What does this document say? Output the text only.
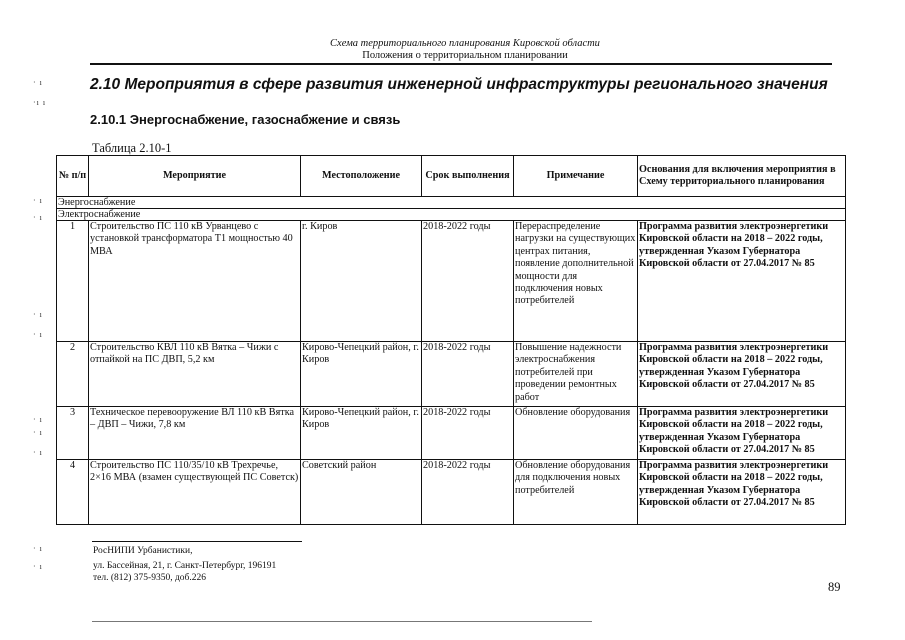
Схема территориального планирования Кировской области
Положения о территориальном планировании
2.10 Мероприятия в сфере развития инженерной инфраструктуры регионального значения
2.10.1 Энергоснабжение, газоснабжение и связь
Таблица 2.10-1
№ п/п	Мероприятие	Местоположение	Срок выполнения	Примечание	Основания для включения мероприятия в Схему территориального планирования
Энергоснабжение					
Электроснабжение					
1	Строительство ПС 110 кВ Урванцево с установкой трансформатора Т1 мощностью 40 МВА	г. Киров	2018-2022 годы	Перераспределение нагрузки на существующих центрах питания, появление дополнительной мощности для подключения новых потребителей	Программа развития электроэнергетики Кировской области на 2018 – 2022 годы, утвержденная Указом Губернатора Кировской области от 27.04.2017 № 85
2	Строительство КВЛ 110 кВ Вятка – Чижи с отпайкой на ПС ДВП, 5,2 км	Кирово-Чепецкий район, г. Киров	2018-2022 годы	Повышение надежности электроснабжения потребителей при проведении ремонтных работ	Программа развития электроэнергетики Кировской области на 2018 – 2022 годы, утвержденная Указом Губернатора Кировской области от 27.04.2017 № 85
3	Техническое перевооружение ВЛ 110 кВ Вятка – ДВП – Чижи, 7,8 км	Кирово-Чепецкий район, г. Киров	2018-2022 годы	Обновление оборудования	Программа развития электроэнергетики Кировской области на 2018 – 2022 годы, утвержденная Указом Губернатора Кировской области от 27.04.2017 № 85
4	Строительство ПС 110/35/10 кВ Трехречье, 2×16 МВА (взамен существующей ПС Советск)	Советский район	2018-2022 годы	Обновление оборудования для подключения новых потребителей	Программа развития электроэнергетики Кировской области на 2018 – 2022 годы, утвержденная Указом Губернатора Кировской области от 27.04.2017 № 85
РосНИПИ Урбанистики,
ул. Бассейная, 21, г. Санкт-Петербург, 196191
тел. (812) 375-9350, доб.226
89
· ı
·ı ı
· ı
· ı
· ı
· ı
· ı
· ı
· ı
· ı
· ı
